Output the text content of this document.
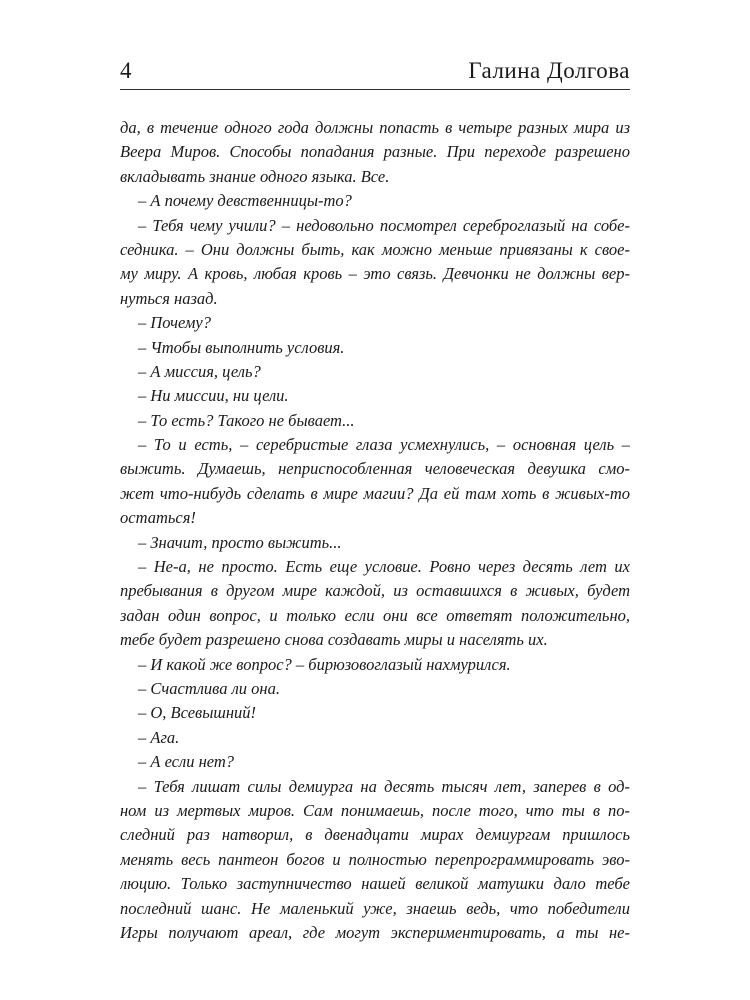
4	Галина Долгова
да, в течение одного года должны попасть в четыре разных мира из
Веера Миров. Способы попадания разные. При переходе разрешено
вкладывать знание одного языка. Все.
– А почему девственницы-то?
– Тебя чему учили? – недовольно посмотрел сереброглазый на собе-
седника. – Они должны быть, как можно меньше привязаны к свое-
му миру. А кровь, любая кровь – это связь. Девчонки не должны вер-
нуться назад.
– Почему?
– Чтобы выполнить условия.
– А миссия, цель?
– Ни миссии, ни цели.
– То есть? Такого не бывает...
– То и есть, – серебристые глаза усмехнулись, – основная цель –
выжить. Думаешь, неприспособленная человеческая девушка смо-
жет что-нибудь сделать в мире магии? Да ей там хоть в живых-то
остаться!
– Значит, просто выжить...
– Не-а, не просто. Есть еще условие. Ровно через десять лет их
пребывания в другом мире каждой, из оставшихся в живых, будет
задан один вопрос, и только если они все ответят положительно,
тебе будет разрешено снова создавать миры и населять их.
– И какой же вопрос? – бирюзовоглазый нахмурился.
– Счастлива ли она.
– О, Всевышний!
– Ага.
– А если нет?
– Тебя лишат силы демиурга на десять тысяч лет, заперев в од-
ном из мертвых миров. Сам понимаешь, после того, что ты в по-
следний раз натворил, в двенадцати мирах демиургам пришлось
менять весь пантеон богов и полностью перепрограммировать эво-
люцию. Только заступничество нашей великой матушки дало тебе
последний шанс. Не маленький уже, знаешь ведь, что победители
Игры получают ареал, где могут экспериментировать, а ты не-
